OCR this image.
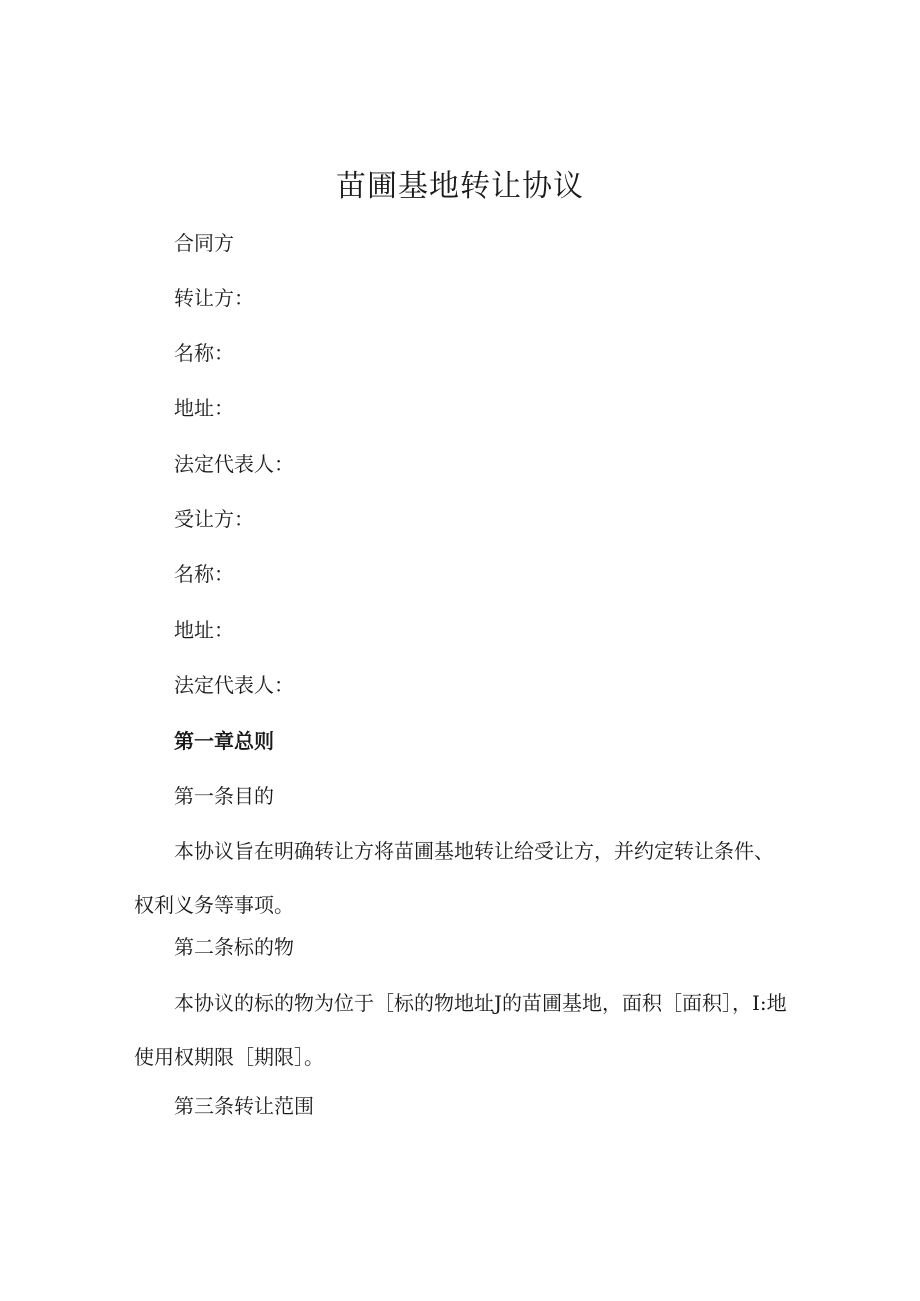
苗圃基地转让协议

合同方

转让方：

名称：

地址：

法定代表人：

受让方：

名称：

地址：

法定代表人：

第一章总则

第一条目的

本协议旨在明确转让方将苗圃基地转让给受让方，并约定转让条件、权利义务等事项。

第二条标的物

本协议的标的物为位于［标的物地址J的苗圃基地，面积［面积］，I:地使用权期限［期限］。

第三条转让范围
